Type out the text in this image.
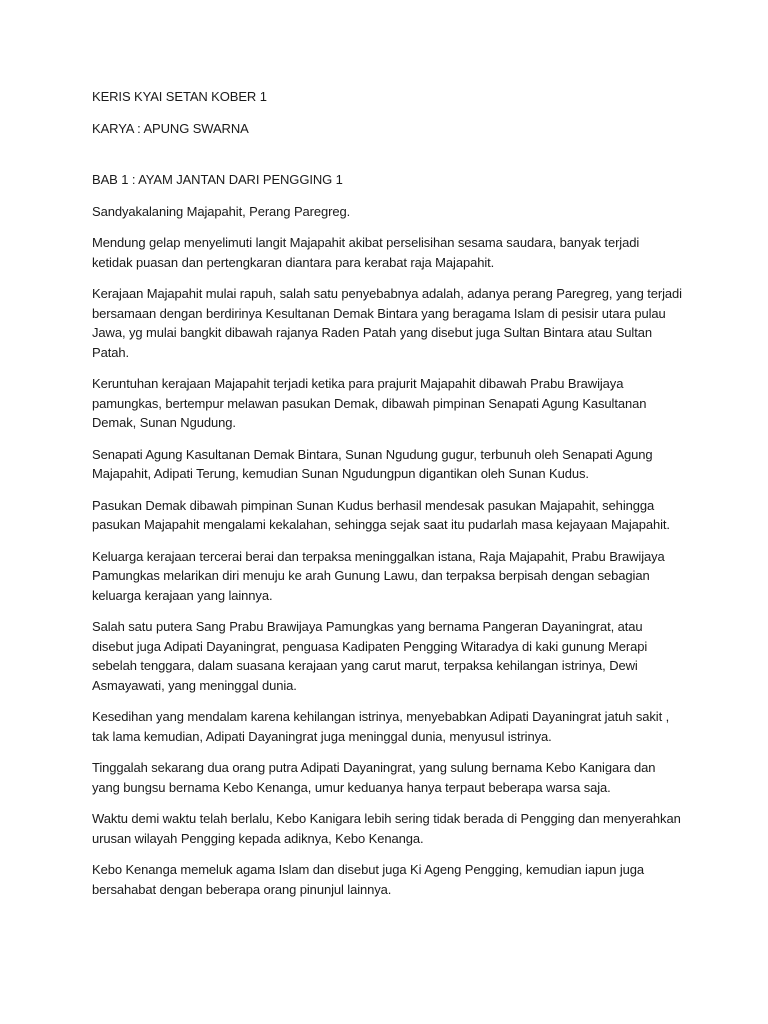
KERIS KYAI SETAN KOBER 1

KARYA : APUNG SWARNA

BAB 1 : AYAM JANTAN DARI PENGGING 1

Sandyakalaning Majapahit, Perang Paregreg.

Mendung gelap menyelimuti langit Majapahit akibat perselisihan sesama saudara, banyak terjadi ketidak puasan dan pertengkaran diantara para kerabat raja Majapahit.

Kerajaan Majapahit mulai rapuh, salah satu penyebabnya adalah, adanya perang Paregreg, yang terjadi bersamaan dengan berdirinya Kesultanan Demak Bintara yang beragama Islam di pesisir utara pulau Jawa, yg mulai bangkit dibawah rajanya Raden Patah yang disebut juga Sultan Bintara atau Sultan Patah.

Keruntuhan kerajaan Majapahit terjadi ketika para prajurit Majapahit dibawah Prabu Brawijaya pamungkas, bertempur melawan pasukan Demak, dibawah pimpinan Senapati Agung Kasultanan Demak, Sunan Ngudung.

Senapati Agung Kasultanan Demak Bintara, Sunan Ngudung gugur, terbunuh oleh Senapati Agung Majapahit, Adipati Terung, kemudian Sunan Ngudungpun digantikan oleh Sunan Kudus.

Pasukan Demak dibawah pimpinan Sunan Kudus berhasil mendesak pasukan Majapahit, sehingga pasukan Majapahit mengalami kekalahan, sehingga sejak saat itu pudarlah masa kejayaan Majapahit.

Keluarga kerajaan tercerai berai dan terpaksa meninggalkan istana, Raja Majapahit, Prabu Brawijaya Pamungkas melarikan diri menuju ke arah Gunung Lawu, dan terpaksa berpisah dengan sebagian keluarga kerajaan yang lainnya.

Salah satu putera Sang Prabu Brawijaya Pamungkas yang bernama Pangeran Dayaningrat, atau disebut juga Adipati Dayaningrat, penguasa Kadipaten Pengging Witaradya di kaki gunung Merapi sebelah tenggara, dalam suasana kerajaan yang carut marut, terpaksa kehilangan istrinya, Dewi Asmayawati, yang meninggal dunia.

Kesedihan yang mendalam karena kehilangan istrinya, menyebabkan Adipati Dayaningrat jatuh sakit , tak lama kemudian, Adipati Dayaningrat juga meninggal dunia, menyusul istrinya.

Tinggalah sekarang dua orang putra Adipati Dayaningrat, yang sulung bernama Kebo Kanigara dan yang bungsu bernama Kebo Kenanga, umur keduanya hanya terpaut beberapa warsa saja.

Waktu demi waktu telah berlalu, Kebo Kanigara lebih sering tidak berada di Pengging dan menyerahkan urusan wilayah Pengging kepada adiknya, Kebo Kenanga.

Kebo Kenanga memeluk agama Islam dan disebut juga Ki Ageng Pengging, kemudian iapun juga bersahabat dengan beberapa orang pinunjul lainnya.
